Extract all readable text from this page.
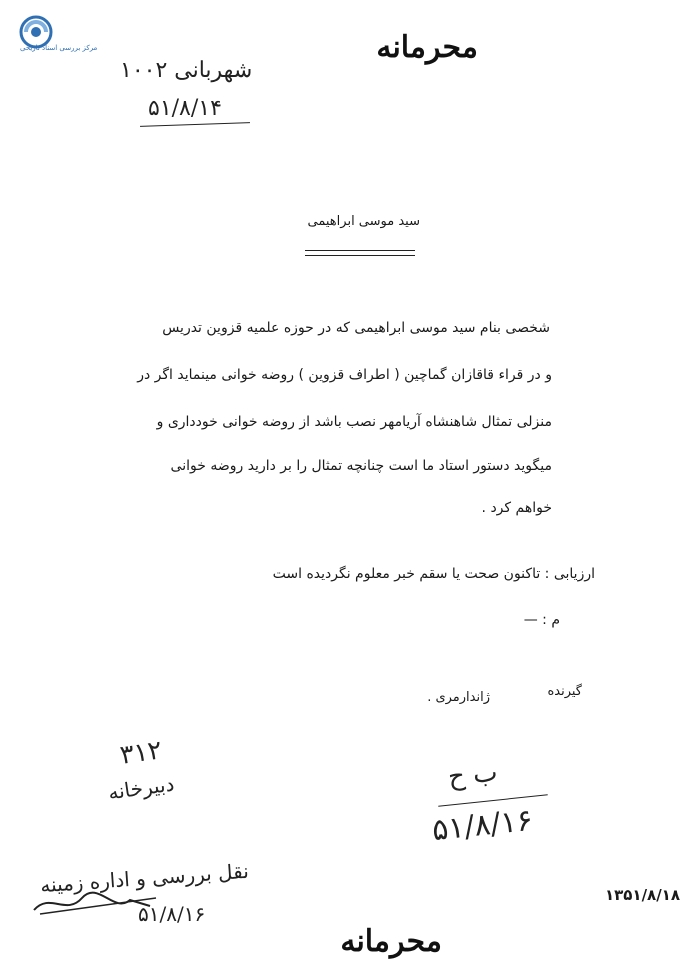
مرکز بررسی اسناد تاریخی	محرمانه
شهربانی ۱۰۰۲
۵۱/۸/۱۴
سید موسی ابراهیمی
شخصی بنام سید موسی ابراهیمی که در حوزه علمیه قزوین تدریس
و در قراء قاقازان گماچین ( اطراف قزوین ) روضه خوانی مینماید اگر در
منزلی تمثال شاهنشاه آریامهر نصب باشد از روضه خوانی خودداری و
میگوید دستور استاد ما است چنانچه تمثال را بر دارید روضه خوانی
خواهم کرد .
ارزیابی : تاکنون صحت یا سقم خبر معلوم نگردیده است
م : —
گیرنده
ژاندارمری .
۳۱۲
دبیرخانه	ب ح
۵۱/۸/۱۶
نقل بررسی و اداره زمینه
۵۱/۸/۱۶
۱۳۵۱/۸/۱۸
محرمانه
